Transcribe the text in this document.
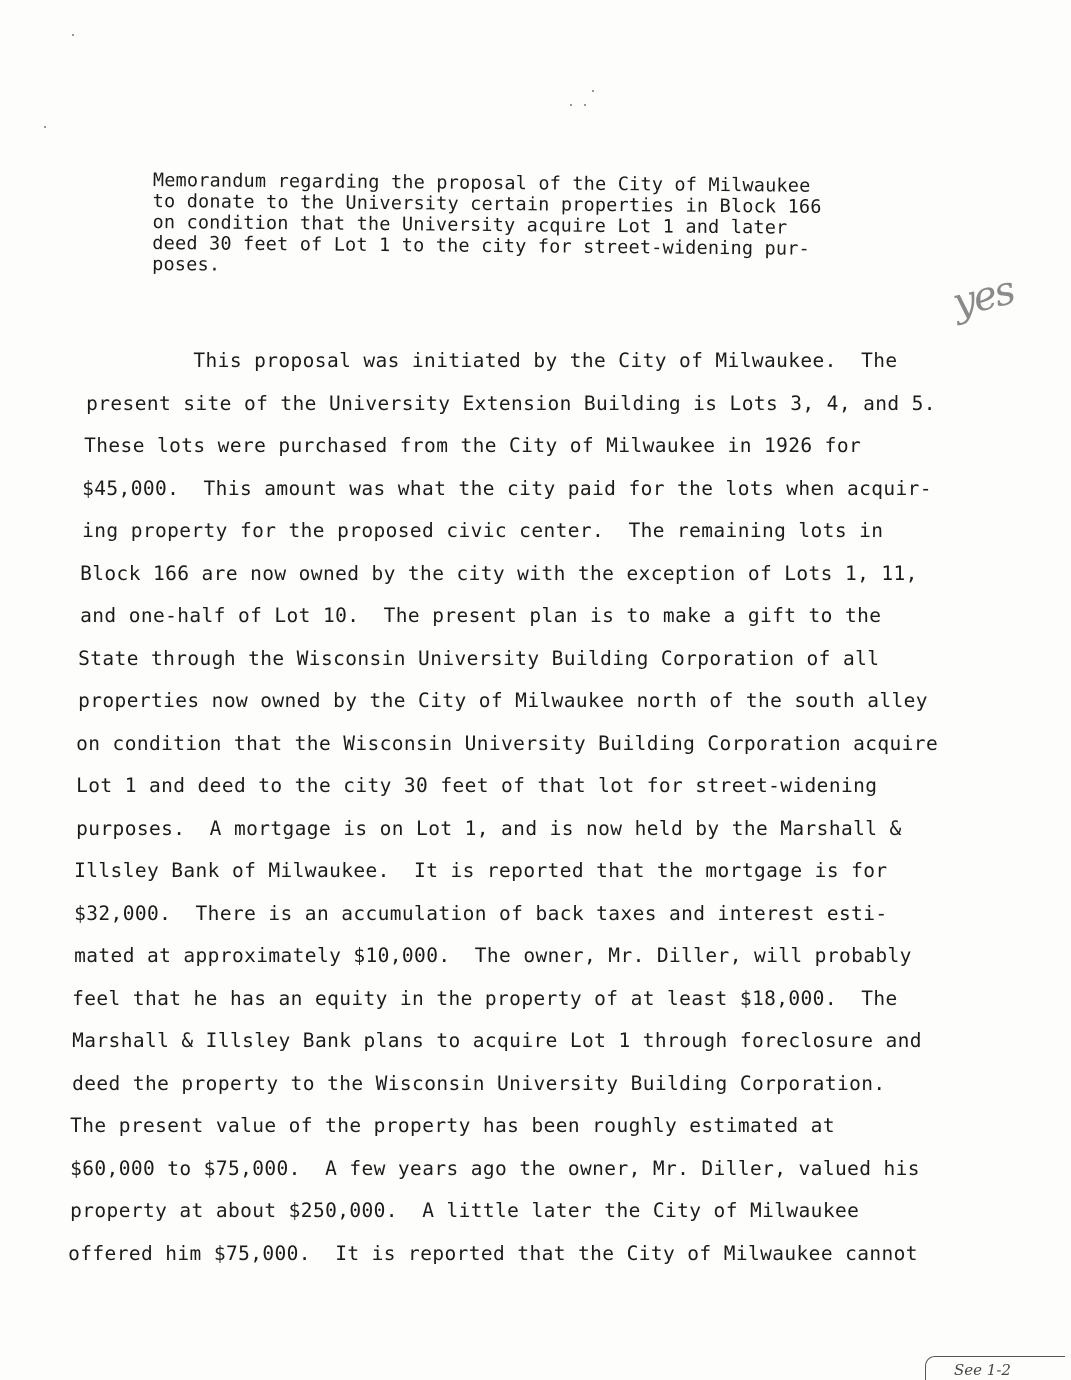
Memorandum regarding the proposal of the City of Milwaukee
to donate to the University certain properties in Block 166
on condition that the University acquire Lot 1 and later
deed 30 feet of Lot 1 to the city for street-widening pur-
poses.
yes
This proposal was initiated by the City of Milwaukee.  The
present site of the University Extension Building is Lots 3, 4, and 5.
These lots were purchased from the City of Milwaukee in 1926 for
$45,000.  This amount was what the city paid for the lots when acquir-
ing property for the proposed civic center.  The remaining lots in
Block 166 are now owned by the city with the exception of Lots 1, 11,
and one-half of Lot 10.  The present plan is to make a gift to the
State through the Wisconsin University Building Corporation of all
properties now owned by the City of Milwaukee north of the south alley
on condition that the Wisconsin University Building Corporation acquire
Lot 1 and deed to the city 30 feet of that lot for street-widening
purposes.  A mortgage is on Lot 1, and is now held by the Marshall &
Illsley Bank of Milwaukee.  It is reported that the mortgage is for
$32,000.  There is an accumulation of back taxes and interest esti-
mated at approximately $10,000.  The owner, Mr. Diller, will probably
feel that he has an equity in the property of at least $18,000.  The
Marshall & Illsley Bank plans to acquire Lot 1 through foreclosure and
deed the property to the Wisconsin University Building Corporation.
The present value of the property has been roughly estimated at
$60,000 to $75,000.  A few years ago the owner, Mr. Diller, valued his
property at about $250,000.  A little later the City of Milwaukee
offered him $75,000.  It is reported that the City of Milwaukee cannot
See 1-2
